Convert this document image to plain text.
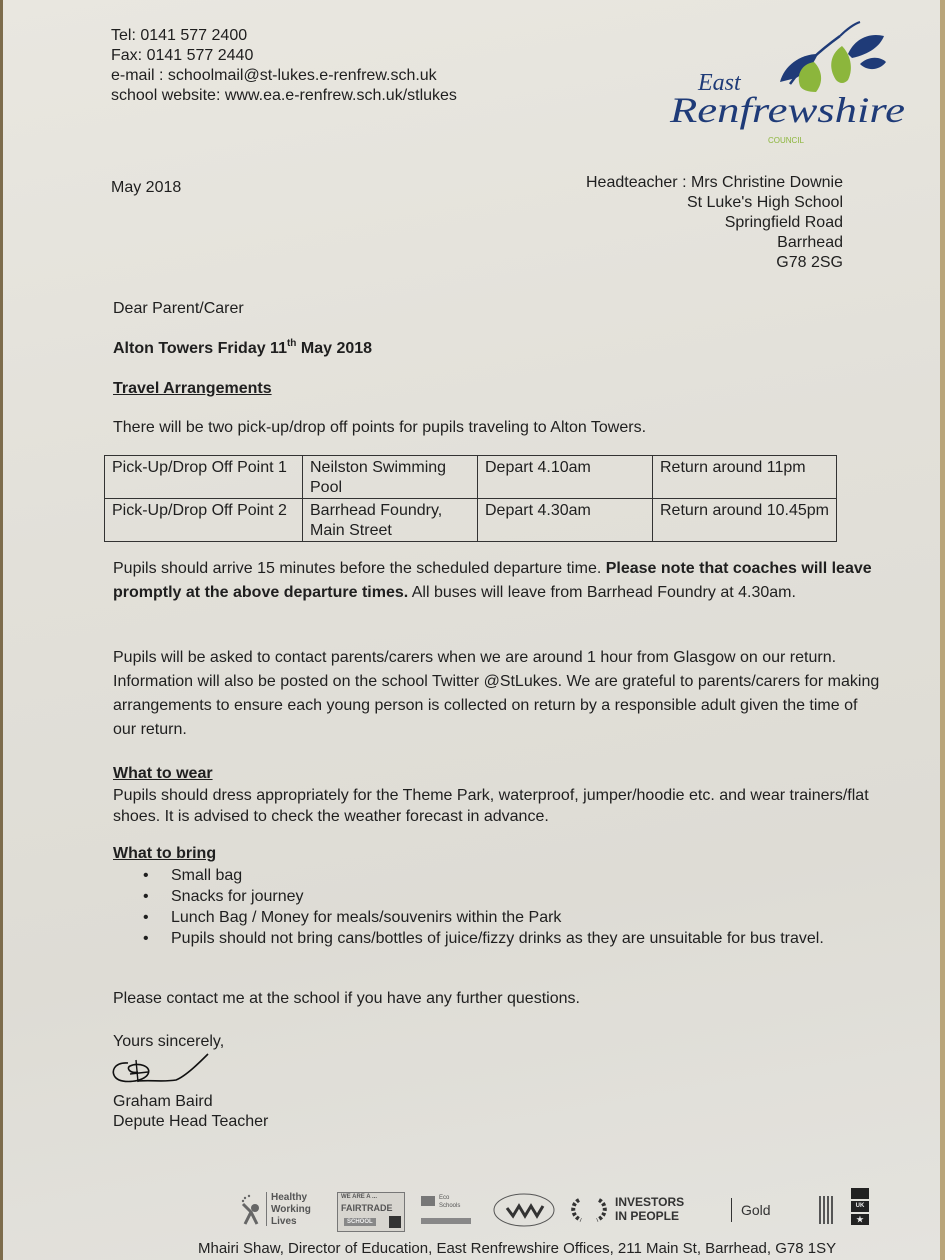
Tel: 0141 577 2400
Fax: 0141 577 2440
e-mail : schoolmail@st-lukes.e-renfrew.sch.uk
school website: www.ea.e-renfrew.sch.uk/stlukes	East
Renfrewshire
COUNCIL
May 2018	Headteacher : Mrs Christine Downie
St Luke's High School
Springfield Road
Barrhead
G78 2SG
Dear Parent/Carer
Alton Towers Friday 11th May 2018
Travel Arrangements
There will be two pick-up/drop off points for pupils traveling to Alton Towers.
Pick-Up/Drop Off Point 1	Neilston Swimming Pool	Depart 4.10am	Return around 11pm
Pick-Up/Drop Off Point 2	Barrhead Foundry, Main Street	Depart 4.30am	Return around 10.45pm
Pupils should arrive 15 minutes before the scheduled departure time. Please note that coaches will leave promptly at the above departure times. All buses will leave from Barrhead Foundry at 4.30am.
Pupils will be asked to contact parents/carers when we are around 1 hour from Glasgow on our return. Information will also be posted on the school Twitter @StLukes. We are grateful to parents/carers for making arrangements to ensure each young person is collected on return by a responsible adult given the time of our return.
What to wear
Pupils should dress appropriately for the Theme Park, waterproof, jumper/hoodie etc. and wear trainers/flat shoes. It is advised to check the weather forecast in advance.
What to bring
• Small bag
• Snacks for journey
• Lunch Bag / Money for meals/souvenirs within the Park
• Pupils should not bring cans/bottles of juice/fizzy drinks as they are unsuitable for bus travel.
Please contact me at the school if you have any further questions.
Yours sincerely,
Graham Baird
Depute Head Teacher
Healthy
Working
Lives
WE ARE A ...
FAIRTRADE
SCHOOL
Eco
Schools	INVESTORS
IN PEOPLE	Gold	UK
★
Mhairi Shaw, Director of Education, East Renfrewshire Offices, 211 Main St, Barrhead, G78 1SY
